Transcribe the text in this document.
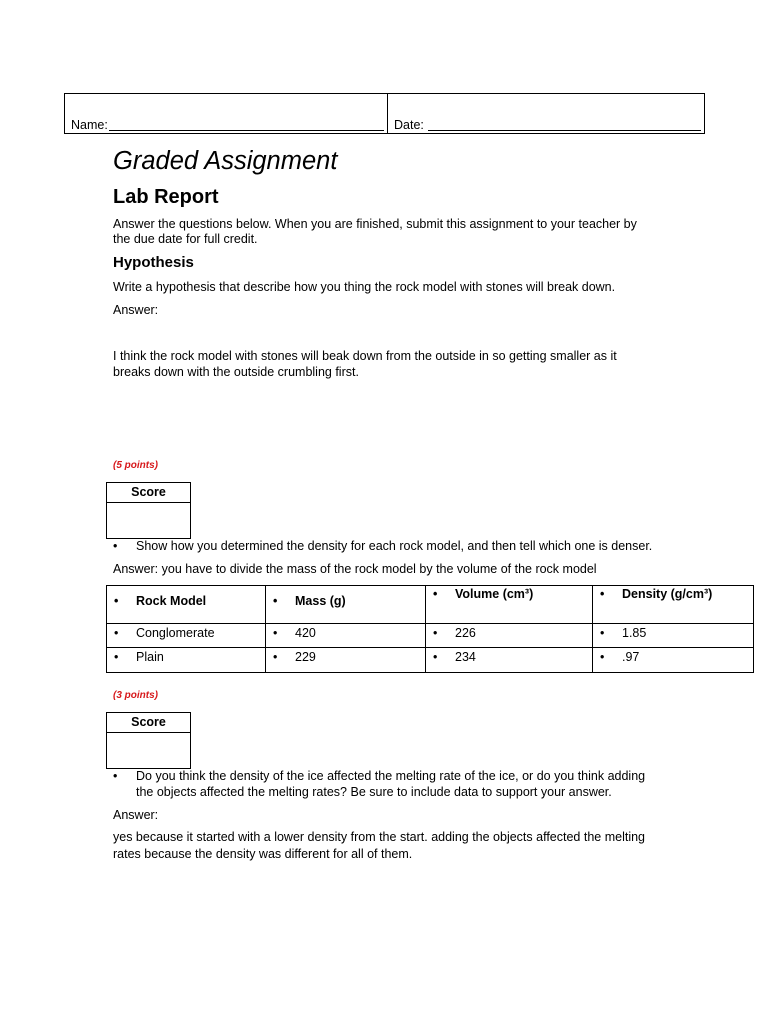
Name:	Date:
Graded Assignment
Lab Report

Answer the questions below. When you are finished, submit this assignment to your teacher by the due date for full credit.

Hypothesis

Write a hypothesis that describe how you thing the rock model with stones will break down.

Answer:

I think the rock model with stones will beak down from the outside in so getting smaller as it breaks down with the outside crumbling first.

(5 points)

Score
• Show how you determined the density for each rock model, and then tell which one is denser.

Answer: you have to divide the mass of the rock model by the volume of the rock model

• Rock Model	• Mass (g)	• Volume (cm³)	• Density (g/cm³)
• Conglomerate	• 420	• 226	• 1.85
• Plain	• 229	• 234	• .97

(3 points)

Score
• Do you think the density of the ice affected the melting rate of the ice, or do you think adding the objects affected the melting rates? Be sure to include data to support your answer.

Answer:

yes because it started with a lower density from the start. adding the objects affected the melting rates because the density was different for all of them.
